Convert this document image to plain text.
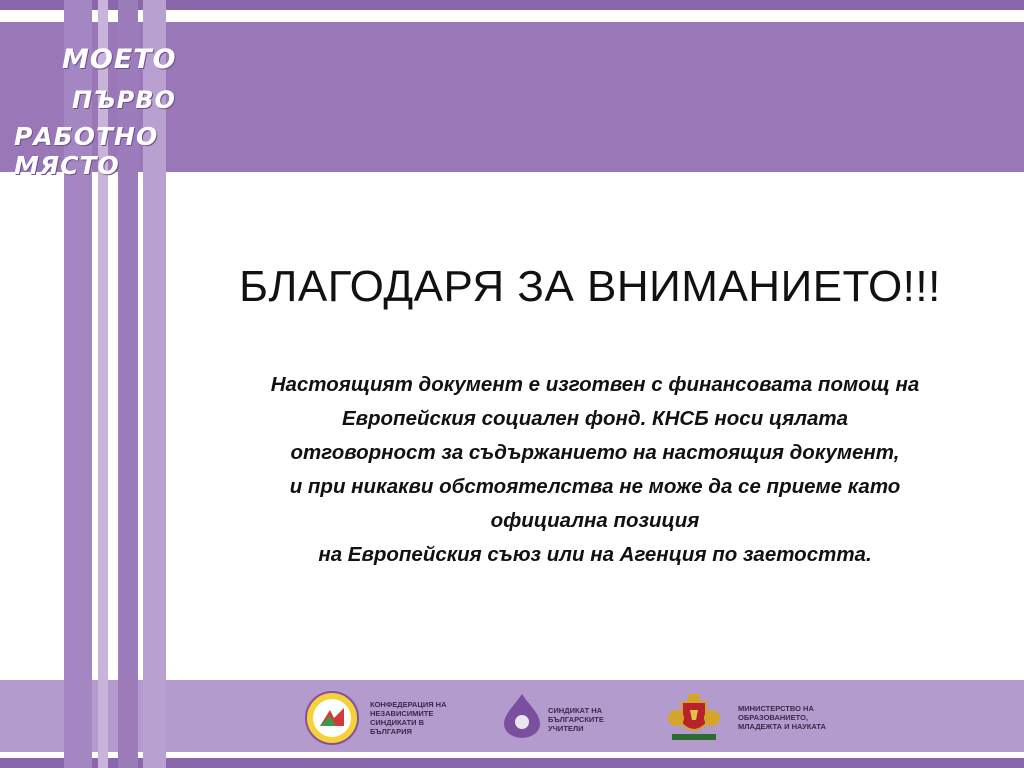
МОЕТО
ПЪРВО
РАБОТНО МЯСТО
БЛАГОДАРЯ ЗА ВНИМАНИЕТО!!!
Настоящият документ е изготвен с финансовата помощ на
Европейския социален фонд. КНСБ носи цялата
отговорност за съдържанието на настоящия документ,
и при никакви обстоятелства не може да се приеме като
официална позиция
на Европейския съюз или на Агенция по заетостта.
КОНФЕДЕРАЦИЯ НА НЕЗАВИСИМИТЕ СИНДИКАТИ В БЪЛГАРИЯ
СИНДИКАТ НА БЪЛГАРСКИТЕ УЧИТЕЛИ
МИНИСТЕРСТВО НА ОБРАЗОВАНИЕТО, МЛАДЕЖТА И НАУКАТА
